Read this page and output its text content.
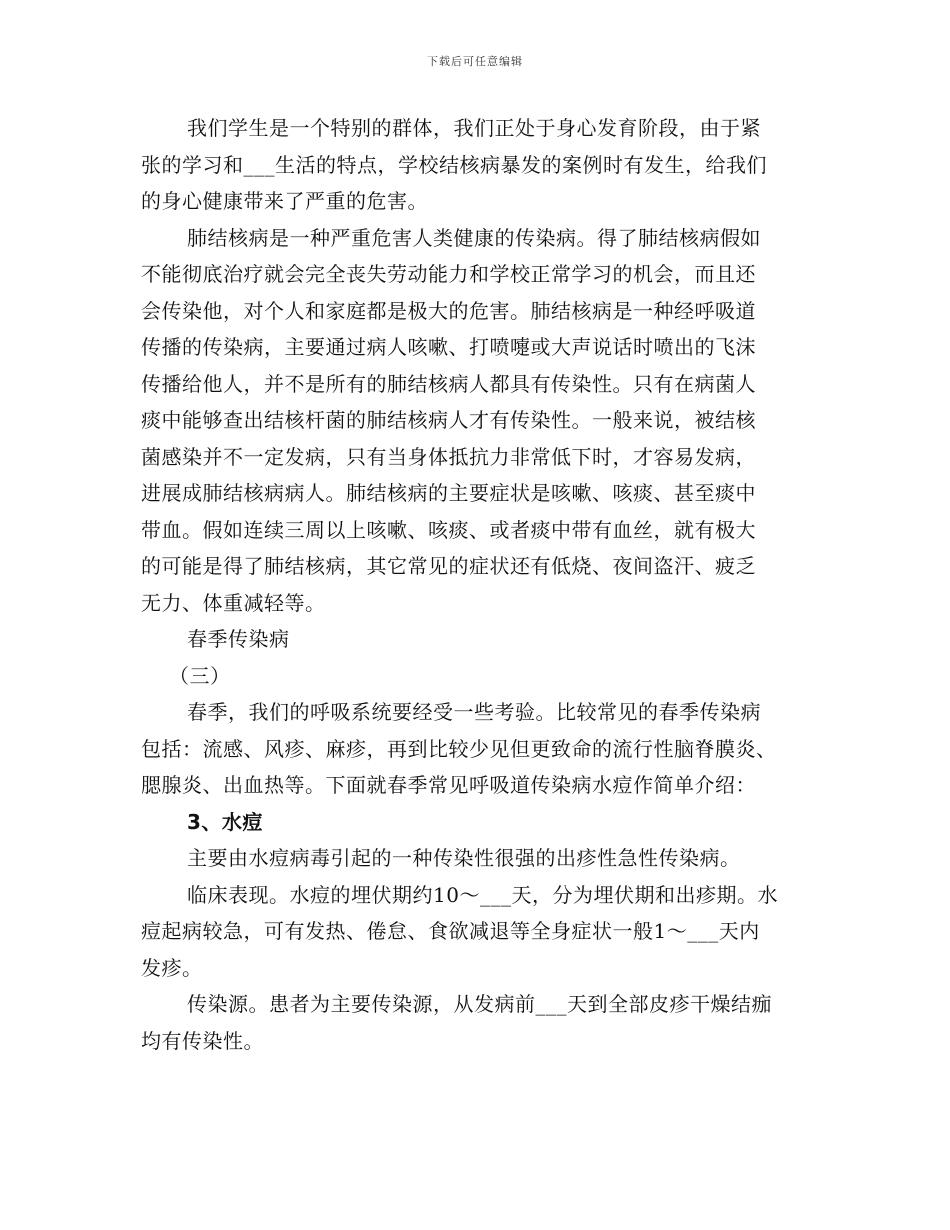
下载后可任意编辑
我们学生是一个特别的群体，我们正处于身心发育阶段，由于紧
张的学习和___生活的特点，学校结核病暴发的案例时有发生，给我们
的身心健康带来了严重的危害。
肺结核病是一种严重危害人类健康的传染病。得了肺结核病假如
不能彻底治疗就会完全丧失劳动能力和学校正常学习的机会，而且还
会传染他，对个人和家庭都是极大的危害。肺结核病是一种经呼吸道
传播的传染病，主要通过病人咳嗽、打喷嚏或大声说话时喷出的飞沫
传播给他人，并不是所有的肺结核病人都具有传染性。只有在病菌人
痰中能够查出结核杆菌的肺结核病人才有传染性。一般来说，被结核
菌感染并不一定发病，只有当身体抵抗力非常低下时，才容易发病，
进展成肺结核病病人。肺结核病的主要症状是咳嗽、咳痰、甚至痰中
带血。假如连续三周以上咳嗽、咳痰、或者痰中带有血丝，就有极大
的可能是得了肺结核病，其它常见的症状还有低烧、夜间盗汗、疲乏
无力、体重减轻等。
春季传染病
（三）
春季，我们的呼吸系统要经受一些考验。比较常见的春季传染病
包括：流感、风疹、麻疹，再到比较少见但更致命的流行性脑脊膜炎、
腮腺炎、出血热等。下面就春季常见呼吸道传染病水痘作简单介绍：
3、水痘
主要由水痘病毒引起的一种传染性很强的出疹性急性传染病。
临床表现。水痘的埋伏期约10～___天，分为埋伏期和出疹期。水
痘起病较急，可有发热、倦怠、食欲减退等全身症状一般1～___天内
发疹。
传染源。患者为主要传染源，从发病前___天到全部皮疹干燥结痂
均有传染性。
